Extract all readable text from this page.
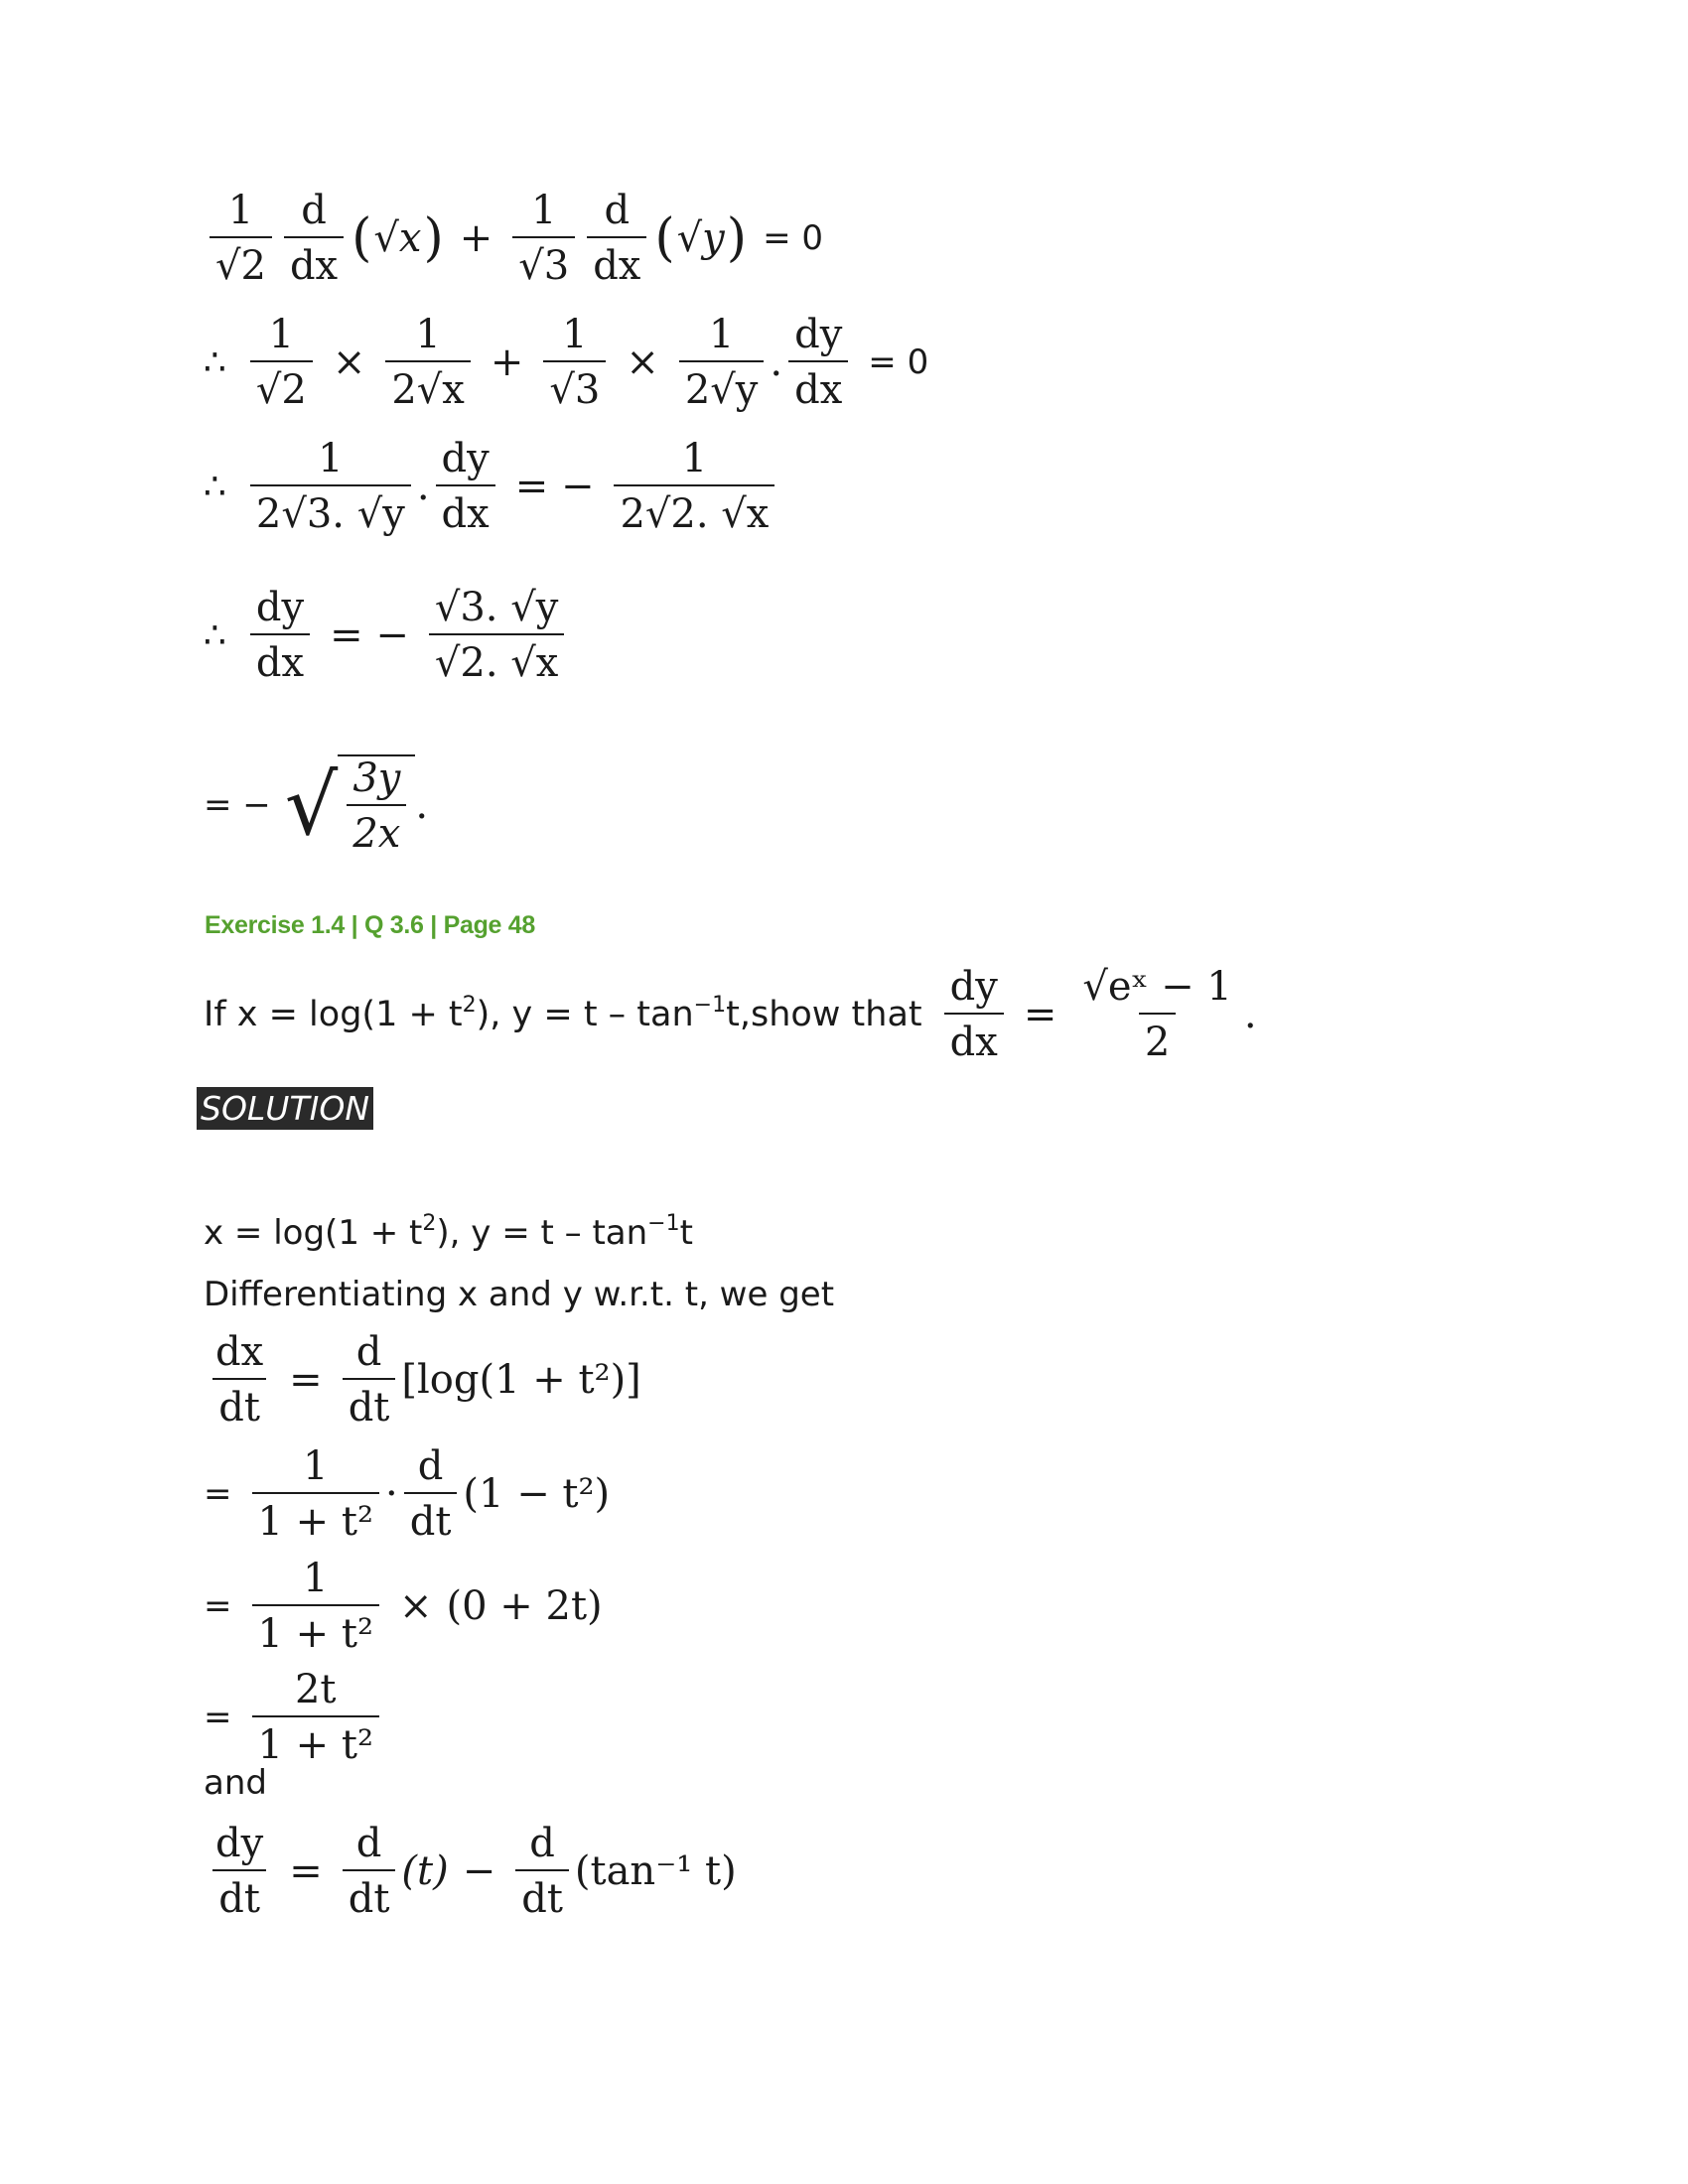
$\frac{1}{√2} \frac{d}{dx}$ ( √x ) + $\frac{1}{√3} \frac{d}{dx}$ ( √y ) = 0
∴ $\frac{1}{√2} \times \frac{1}{2√x} + \frac{1}{√3} \times \frac{1}{2√y}$ . $\frac{dy}{dx} = 0$
∴ $\frac{1}{2√3. √y}$ . $\frac{dy}{dx}$ = − $\frac{1}{2√2. √x}$
∴ $\frac{dy}{dx}$ = − $\frac{√3. √y}{√2. √x}$
= − √ $\frac{3y}{2x}$ .
Exercise 1.4 | Q 3.6 | Page 48
If $x = \log(1 + t^2)$, $y = t - \tan^{-1}t,show$ that $\frac{dy}{dx} = \frac{\text{√eˣ − 1}}{2}$ .
SOLUTION
$x = \log(1 + t^2)$, $y = t - \tan^{-1}t$
Differentiating x and y w.r.t. t, we get
$\frac{dx}{dt} = \frac{d}{dt} [\log(1 + t^2)]$
= $\frac{1}{\text{1 + t²}} \cdot \frac{d}{dt} (1 - t^2)$
= $\frac{1}{\text{1 + t²}} \times (0 + 2t)$
= $\frac{2t}{\text{1 + t²}}$
and
$\frac{dy}{dt} = \frac{d}{dt} (t) - \frac{d}{dt} (\tan^{-1}$ t)
